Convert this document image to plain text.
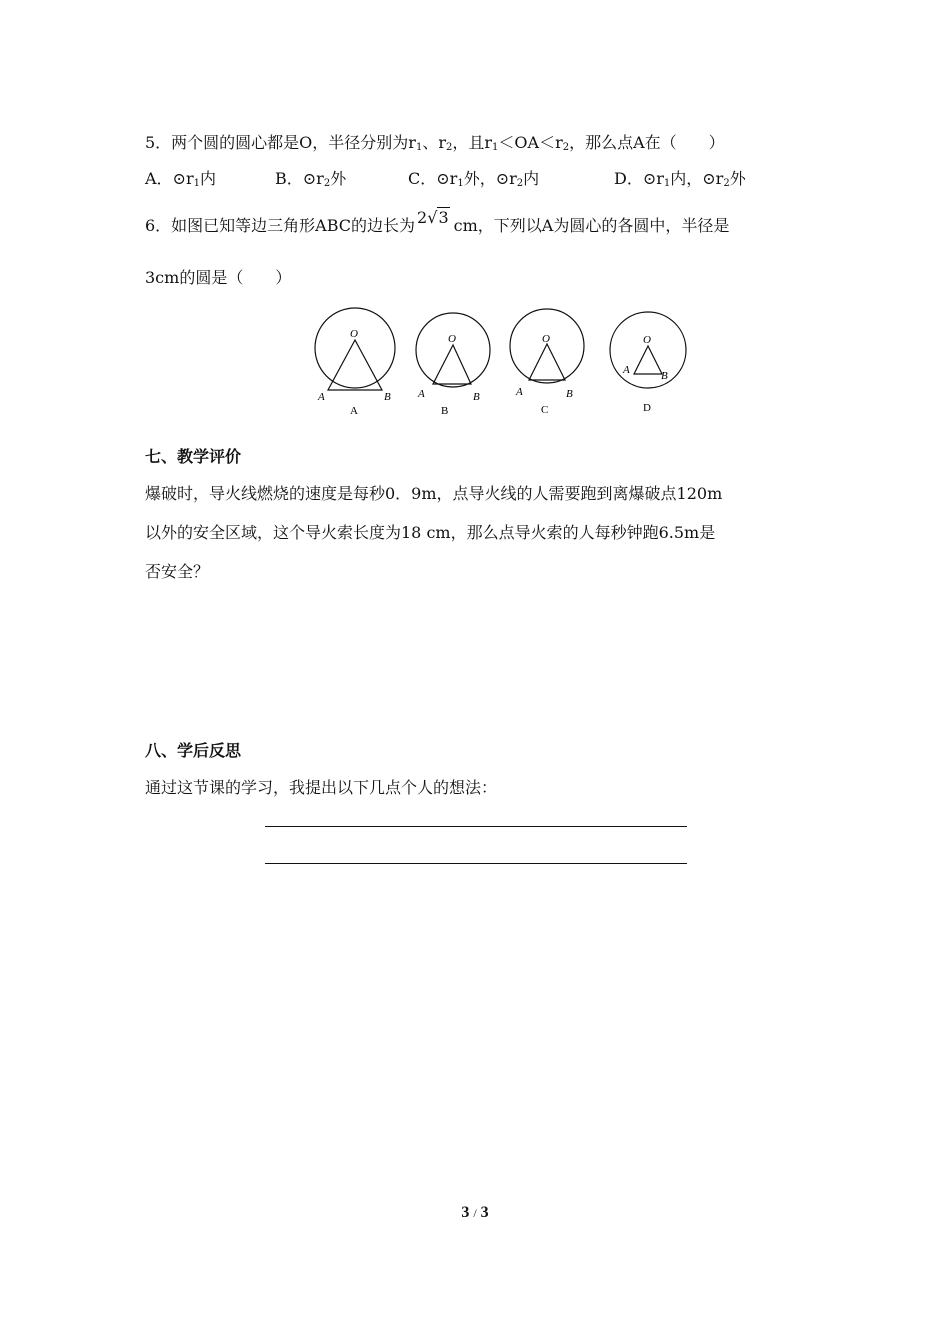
5．两个圆的圆心都是O，半径分别为$r_1$、$r_2$，且$r_1<OA<r_2$，那么点A在（　　）
A．$⊙r_1$内	B．$⊙r_2$外	C．$⊙r_1$外，$⊙r_2$内	D．$⊙r_1$内，$⊙r_2$外
6．如图已知等边三角形ABC的边长为 2√3 cm，下列以A为圆心的各圆中，半径是
3cm的圆是（　　）
O
A	B
A
O
A	B
B
O
A	B
C
O
A	B
D
七、教学评价
爆破时，导火线燃烧的速度是每秒0．9m，点导火线的人需要跑到离爆破点120m
以外的安全区域，这个导火索长度为18 cm，那么点导火索的人每秒钟跑6.5m是
否安全？
八、学后反思
通过这节课的学习，我提出以下几点个人的想法：
3 / 3
